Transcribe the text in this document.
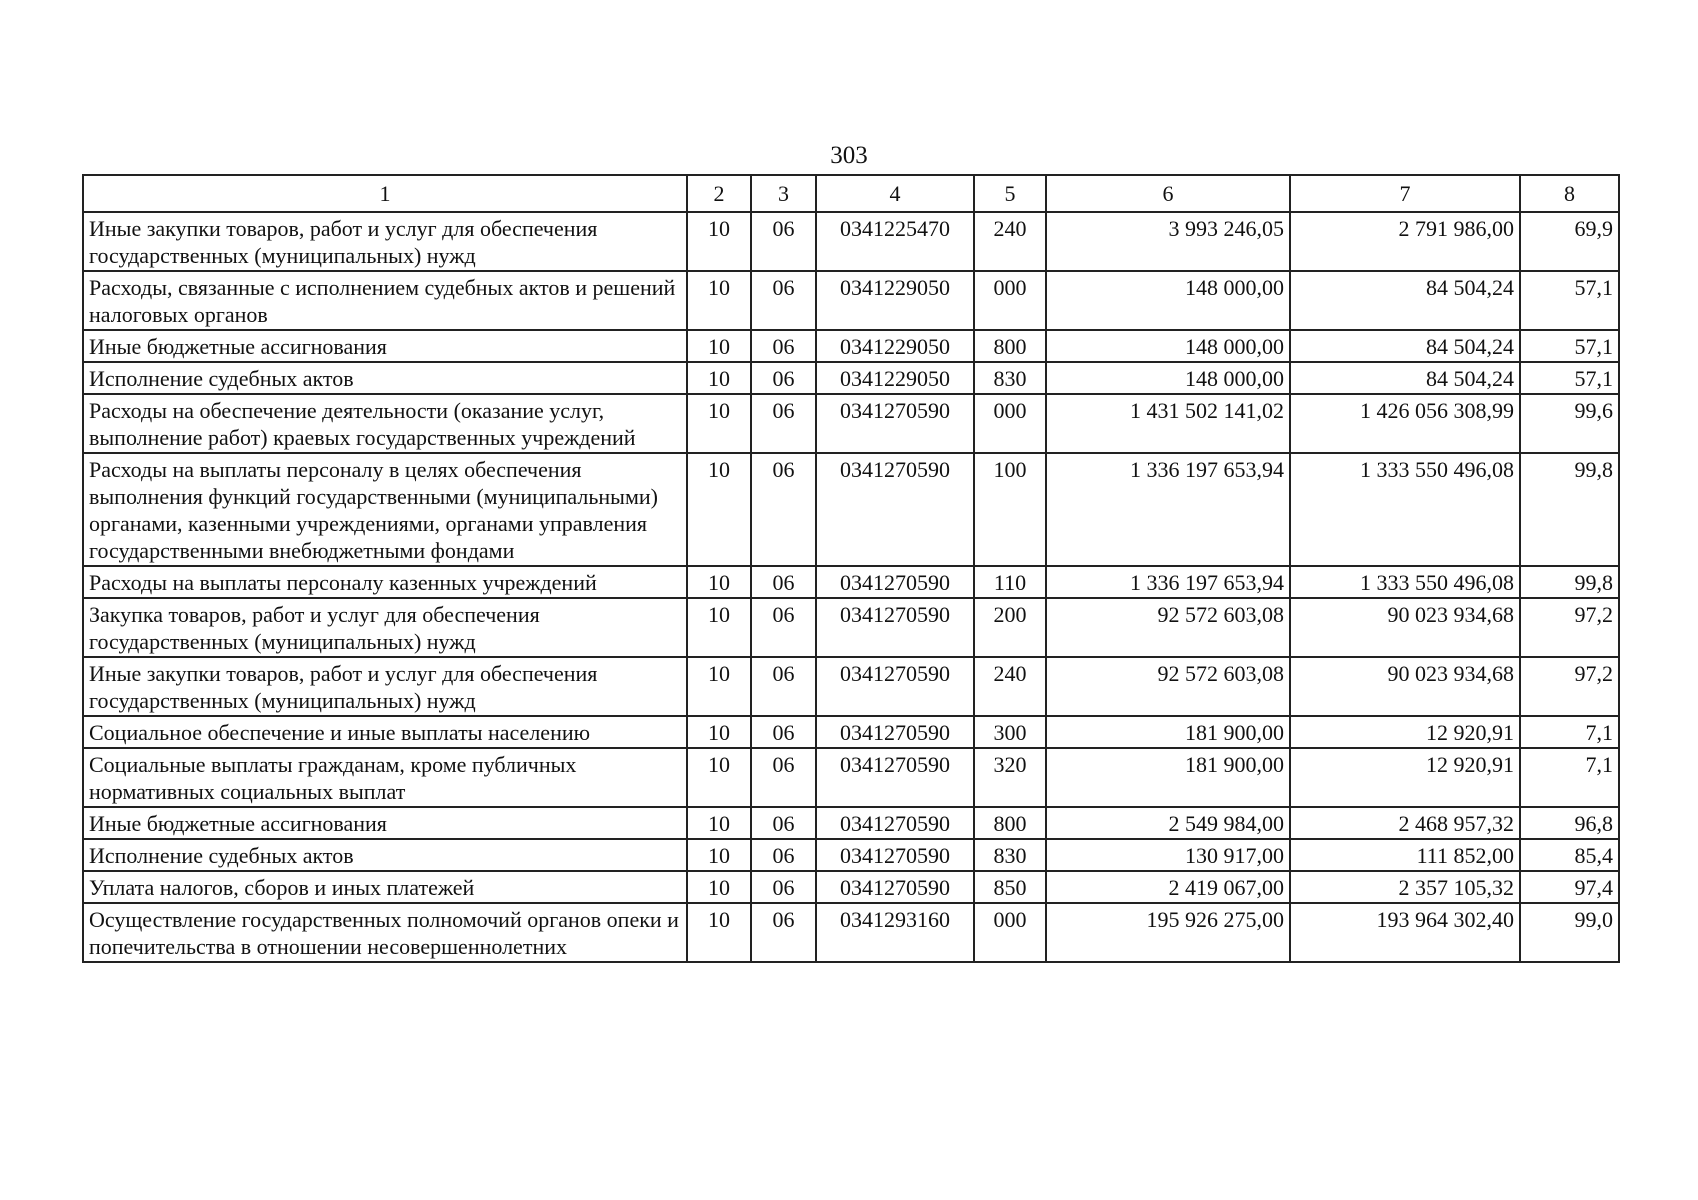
303
1	2	3	4	5	6	7	8
Иные закупки товаров, работ и услуг для обеспечения государственных (муниципальных) нужд	10	06	0341225470	240	3 993 246,05	2 791 986,00	69,9
Расходы, связанные с исполнением судебных актов и решений налоговых органов	10	06	0341229050	000	148 000,00	84 504,24	57,1
Иные бюджетные ассигнования	10	06	0341229050	800	148 000,00	84 504,24	57,1
Исполнение судебных актов	10	06	0341229050	830	148 000,00	84 504,24	57,1
Расходы на обеспечение деятельности (оказание услуг, выполнение работ) краевых государственных учреждений	10	06	0341270590	000	1 431 502 141,02	1 426 056 308,99	99,6
Расходы на выплаты персоналу в целях обеспечения выполнения функций государственными (муниципальными) органами, казенными учреждениями, органами управления государственными внебюджетными фондами	10	06	0341270590	100	1 336 197 653,94	1 333 550 496,08	99,8
Расходы на выплаты персоналу казенных учреждений	10	06	0341270590	110	1 336 197 653,94	1 333 550 496,08	99,8
Закупка товаров, работ и услуг для обеспечения государственных (муниципальных) нужд	10	06	0341270590	200	92 572 603,08	90 023 934,68	97,2
Иные закупки товаров, работ и услуг для обеспечения государственных (муниципальных) нужд	10	06	0341270590	240	92 572 603,08	90 023 934,68	97,2
Социальное обеспечение и иные выплаты населению	10	06	0341270590	300	181 900,00	12 920,91	7,1
Социальные выплаты гражданам, кроме публичных нормативных социальных выплат	10	06	0341270590	320	181 900,00	12 920,91	7,1
Иные бюджетные ассигнования	10	06	0341270590	800	2 549 984,00	2 468 957,32	96,8
Исполнение судебных актов	10	06	0341270590	830	130 917,00	111 852,00	85,4
Уплата налогов, сборов и иных платежей	10	06	0341270590	850	2 419 067,00	2 357 105,32	97,4
Осуществление государственных полномочий органов опеки и попечительства в отношении несовершеннолетних	10	06	0341293160	000	195 926 275,00	193 964 302,40	99,0
